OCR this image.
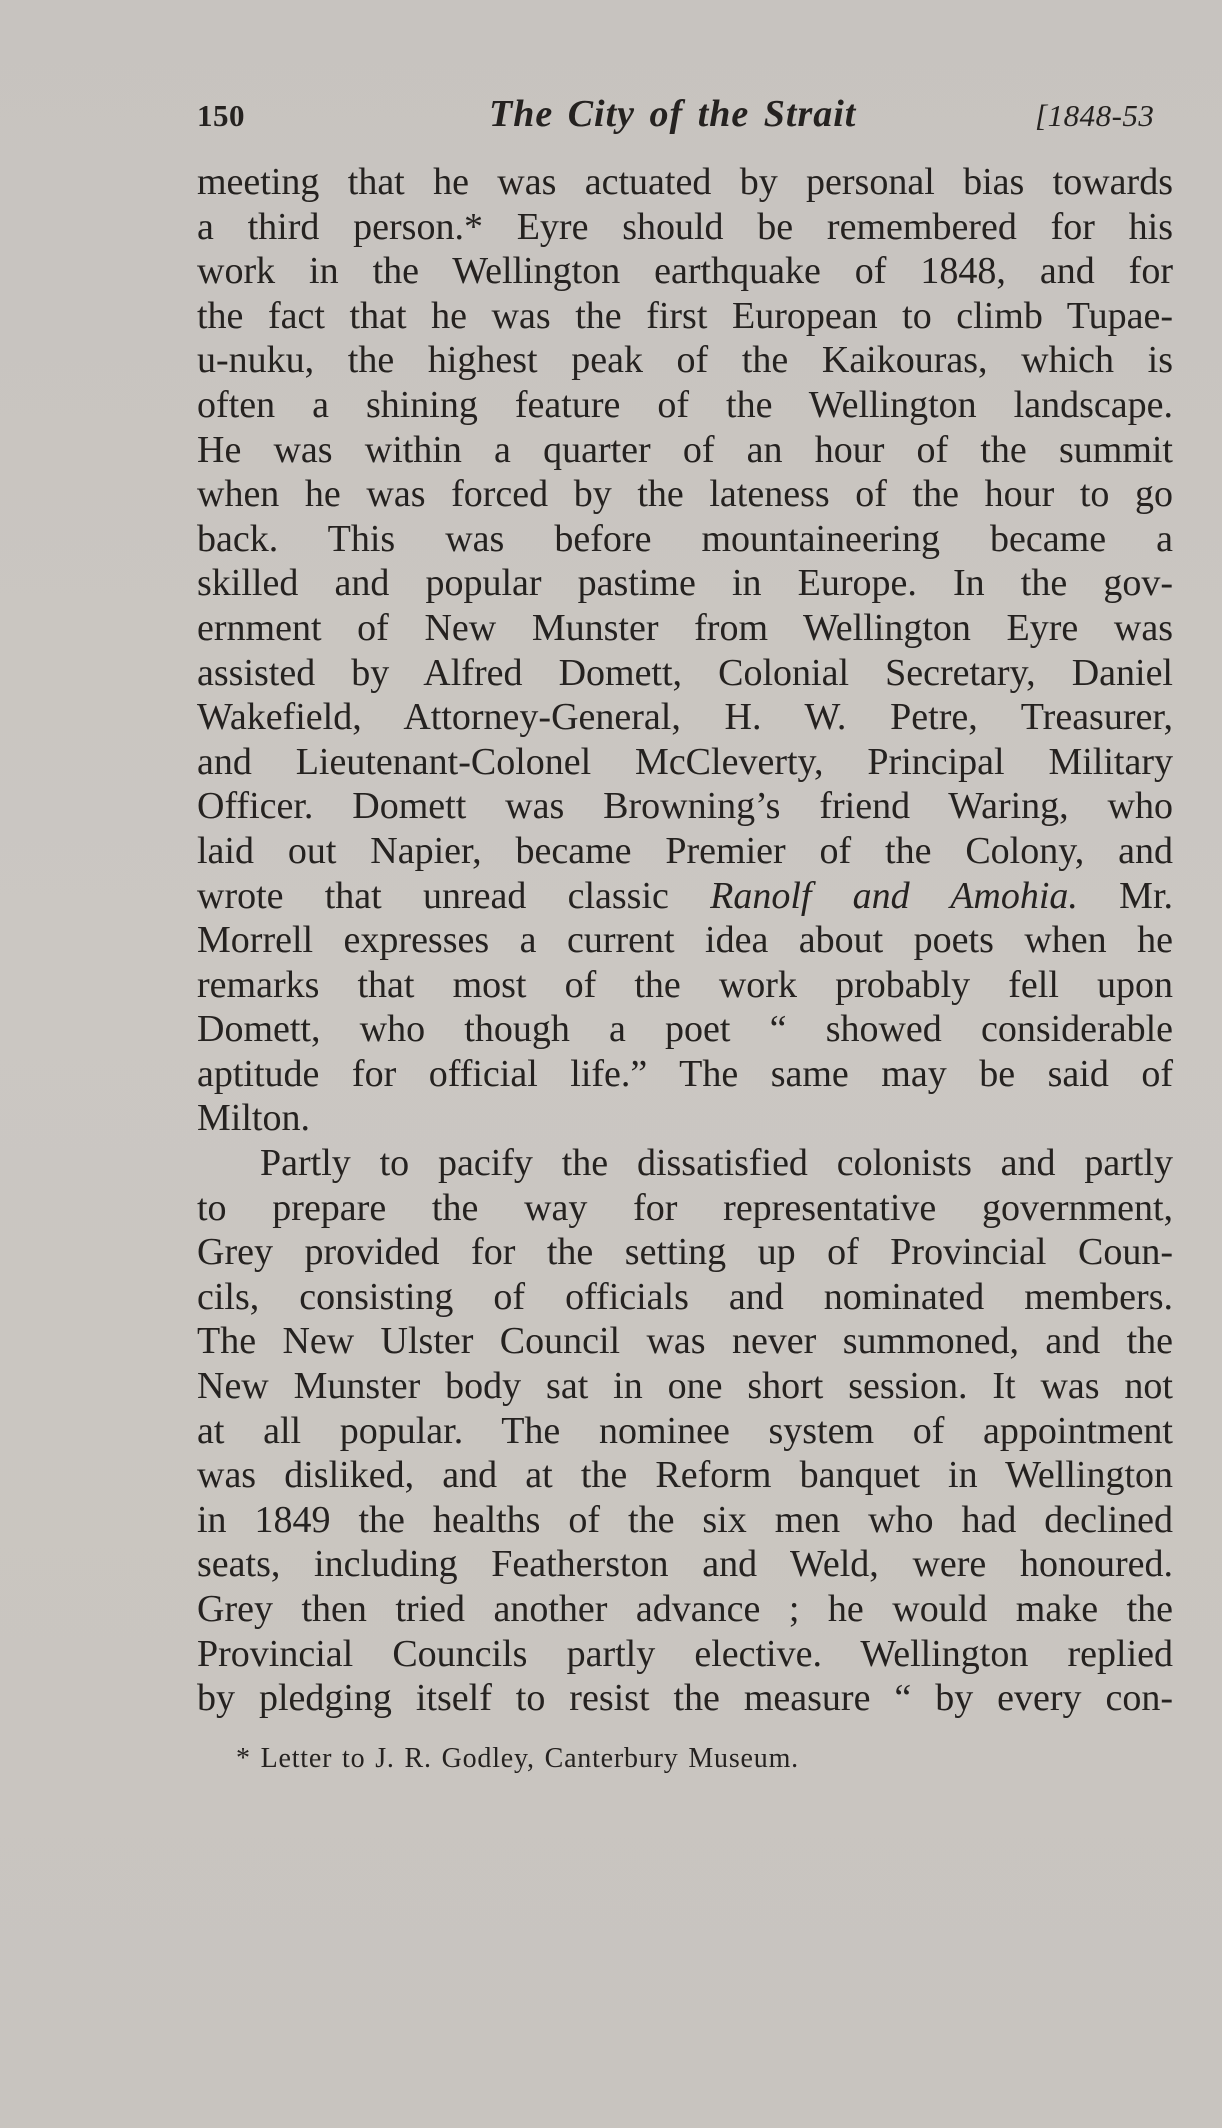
150	The City of the Strait	[1848-53
meeting that he was actuated by personal bias towards
a third person.* Eyre should be remembered for his
work in the Wellington earthquake of 1848, and for
the fact that he was the first European to climb Tupae-
u-nuku, the highest peak of the Kaikouras, which is
often a shining feature of the Wellington landscape.
He was within a quarter of an hour of the summit
when he was forced by the lateness of the hour to go
back. This was before mountaineering became a
skilled and popular pastime in Europe. In the gov-
ernment of New Munster from Wellington Eyre was
assisted by Alfred Domett, Colonial Secretary, Daniel
Wakefield, Attorney-General, H. W. Petre, Treasurer,
and Lieutenant-Colonel McCleverty, Principal Military
Officer. Domett was Browning’s friend Waring, who
laid out Napier, became Premier of the Colony, and
wrote that unread classic Ranolf and Amohia. Mr.
Morrell expresses a current idea about poets when he
remarks that most of the work probably fell upon
Domett, who though a poet “ showed considerable
aptitude for official life.” The same may be said of
Milton.
Partly to pacify the dissatisfied colonists and partly
to prepare the way for representative government,
Grey provided for the setting up of Provincial Coun-
cils, consisting of officials and nominated members.
The New Ulster Council was never summoned, and the
New Munster body sat in one short session. It was not
at all popular. The nominee system of appointment
was disliked, and at the Reform banquet in Wellington
in 1849 the healths of the six men who had declined
seats, including Featherston and Weld, were honoured.
Grey then tried another advance ; he would make the
Provincial Councils partly elective. Wellington replied
by pledging itself to resist the measure “ by every con-
* Letter to J. R. Godley, Canterbury Museum.
